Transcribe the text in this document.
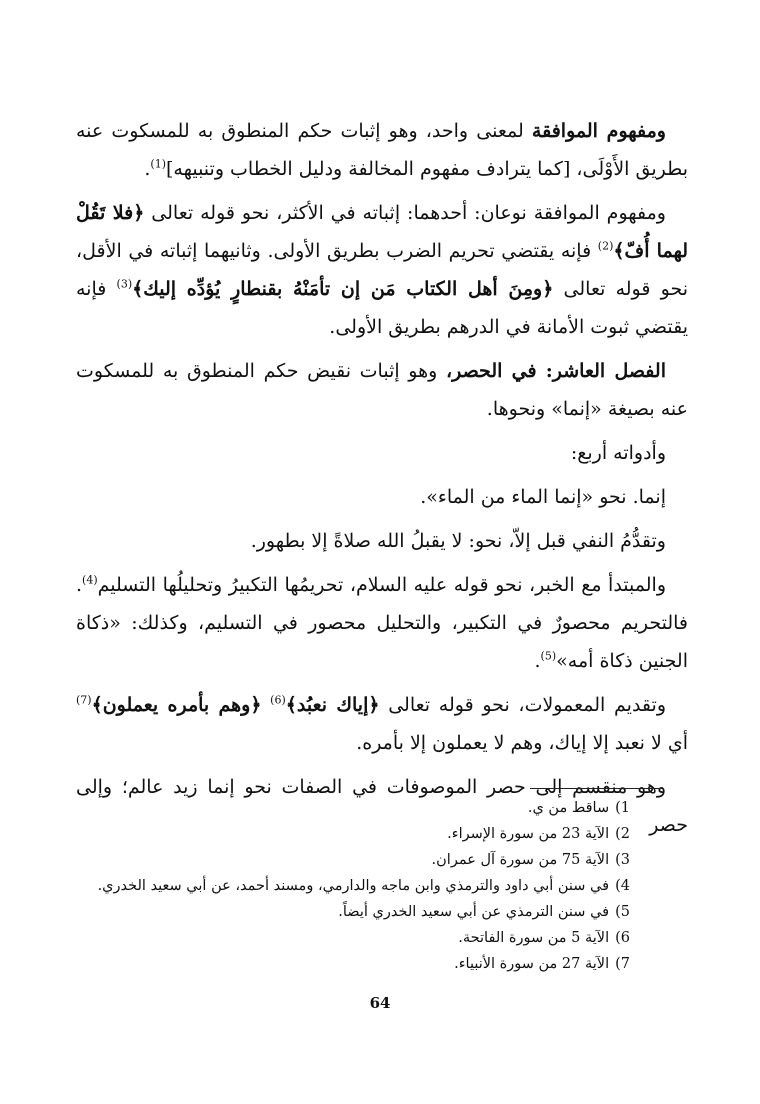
ومفهوم الموافقة لمعنى واحد، وهو إثبات حكم المنطوق به للمسكوت عنه بطريق الأَوْلَى، [كما يترادف مفهوم المخالفة ودليل الخطاب وتنبيهه]$^{(1)}$.

ومفهوم الموافقة نوعان: أحدهما: إثباته في الأكثر، نحو قوله تعالى ﴿فلا تَقُلْ لهما أُفّ﴾$^{(2)}$ فإنه يقتضي تحريم الضرب بطريق الأولى. وثانيهما إثباته في الأقل، نحو قوله تعالى ﴿ومِنَ أهل الكتاب مَن إن تأمَنْهُ بقنطارٍ يُؤدِّه إليك﴾$^{(3)}$ فإنه يقتضي ثبوت الأمانة في الدرهم بطريق الأولى.

الفصل العاشر: في الحصر، وهو إثبات نقيض حكم المنطوق به للمسكوت عنه بصيغة «إنما» ونحوها.

وأدواته أربع:

إنما. نحو «إنما الماء من الماء».

وتقدُّمُ النفي قبل إلاّ، نحو: لا يقبلُ الله صلاةً إلا بطهور.

والمبتدأ مع الخبر، نحو قوله عليه السلام، تحريمُها التكبيرُ وتحليلُها التسليم$^{(4)}$. فالتحريم محصورٌ في التكبير، والتحليل محصور في التسليم، وكذلك: «ذكاة الجنين ذكاة أمه»$^{(5)}$.

وتقديم المعمولات، نحو قوله تعالى ﴿إياك نعبُد﴾$^{(6)}$ ﴿وهم بأمره يعملون﴾$^{(7)}$ أي لا نعبد إلا إياك، وهم لا يعملون إلا بأمره.

وهو منقسم إلى حصر الموصوفات في الصفات نحو إنما زيد عالم؛ وإلى حصر

1)ساقط من ي.
2)الآية 23 من سورة الإسراء.
3)الآية 75 من سورة آل عمران.
4)في سنن أبي داود والترمذي وابن ماجه والدارمي، ومسند أحمد، عن أبي سعيد الخدري.
5)في سنن الترمذي عن أبي سعيد الخدري أيضاً.
6)الآية 5 من سورة الفاتحة.
7)الآية 27 من سورة الأنبياء.
64
